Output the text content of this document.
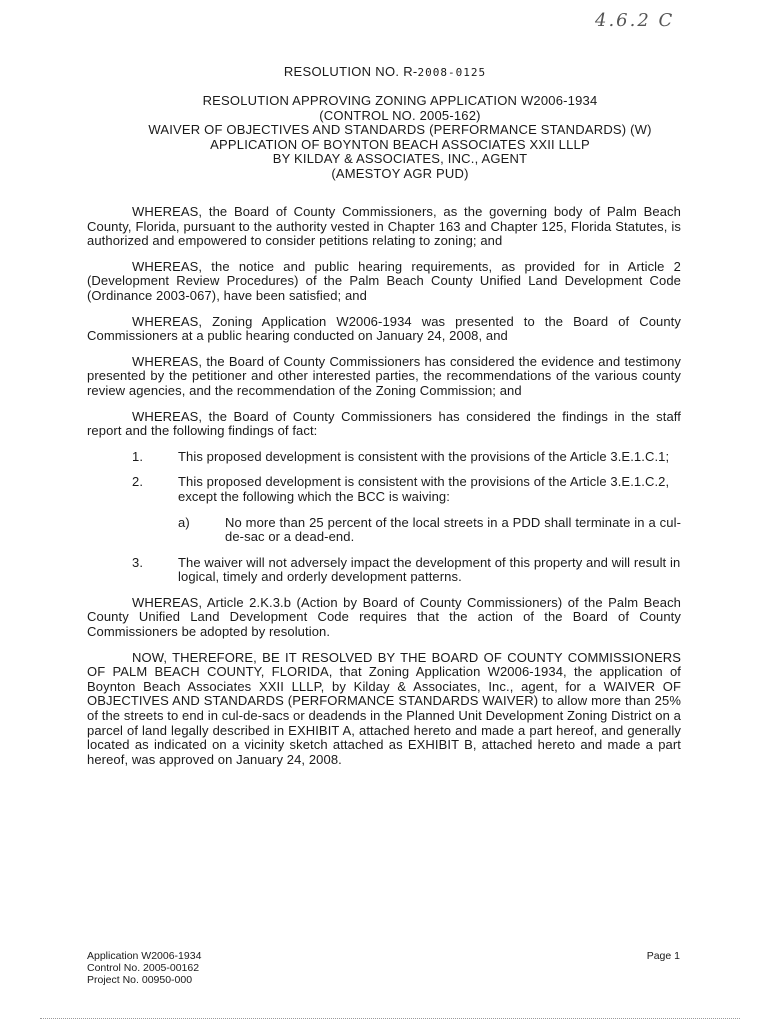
4.6.2 C
RESOLUTION NO. R-2008-0125
RESOLUTION APPROVING ZONING APPLICATION W2006-1934
(CONTROL NO. 2005-162)
WAIVER OF OBJECTIVES AND STANDARDS (PERFORMANCE STANDARDS) (W)
APPLICATION OF BOYNTON BEACH ASSOCIATES XXII LLLP
BY KILDAY & ASSOCIATES, INC., AGENT
(AMESTOY AGR PUD)

WHEREAS, the Board of County Commissioners, as the governing body of Palm Beach County, Florida, pursuant to the authority vested in Chapter 163 and Chapter 125, Florida Statutes, is authorized and empowered to consider petitions relating to zoning; and

WHEREAS, the notice and public hearing requirements, as provided for in Article 2 (Development Review Procedures) of the Palm Beach County Unified Land Development Code (Ordinance 2003-067), have been satisfied; and

WHEREAS, Zoning Application W2006-1934 was presented to the Board of County Commissioners at a public hearing conducted on January 24, 2008, and

WHEREAS, the Board of County Commissioners has considered the evidence and testimony presented by the petitioner and other interested parties, the recommendations of the various county review agencies, and the recommendation of the Zoning Commission; and

WHEREAS, the Board of County Commissioners has considered the findings in the staff report and the following findings of fact:

1.	This proposed development is consistent with the provisions of the Article 3.E.1.C.1;
2.	This proposed development is consistent with the provisions of the Article 3.E.1.C.2, except the following which the BCC is waiving:
a)	No more than 25 percent of the local streets in a PDD shall terminate in a cul-de-sac or a dead-end.
3.	The waiver will not adversely impact the development of this property and will result in logical, timely and orderly development patterns.

WHEREAS, Article 2.K.3.b (Action by Board of County Commissioners) of the Palm Beach County Unified Land Development Code requires that the action of the Board of County Commissioners be adopted by resolution.

NOW, THEREFORE, BE IT RESOLVED BY THE BOARD OF COUNTY COMMISSIONERS OF PALM BEACH COUNTY, FLORIDA, that Zoning Application W2006-1934, the application of Boynton Beach Associates XXII LLLP, by Kilday & Associates, Inc., agent, for a WAIVER OF OBJECTIVES AND STANDARDS (PERFORMANCE STANDARDS WAIVER) to allow more than 25% of the streets to end in cul-de-sacs or deadends in the Planned Unit Development Zoning District on a parcel of land legally described in EXHIBIT A, attached hereto and made a part hereof, and generally located as indicated on a vicinity sketch attached as EXHIBIT B, attached hereto and made a part hereof, was approved on January 24, 2008.

Application W2006-1934
Control No. 2005-00162
Project No. 00950-000
Page 1
